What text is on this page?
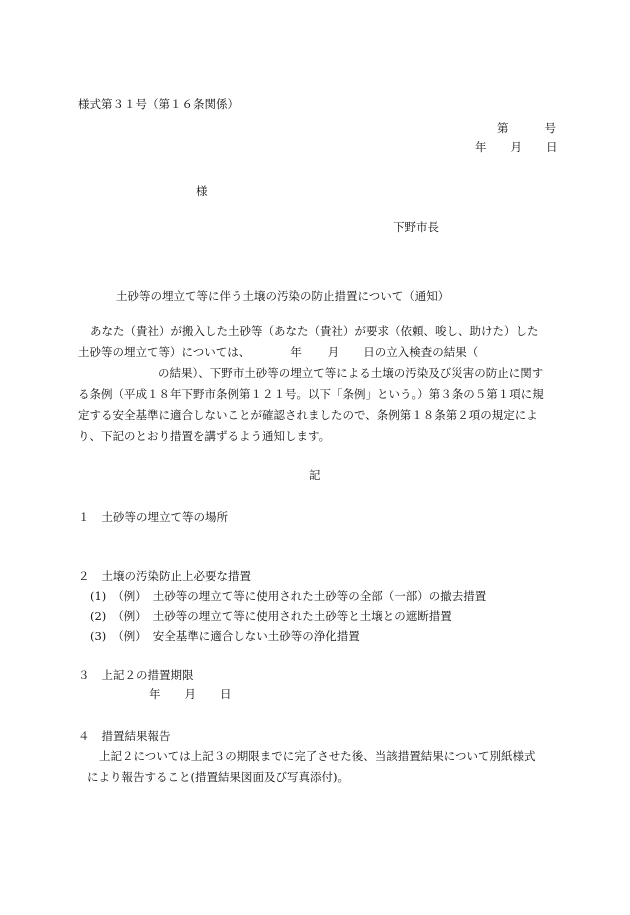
様式第３１号（第１６条関係）
第	号
年 月 日
様
下野市長
土砂等の埋立て等に伴う土壌の汚染の防止措置について（通知）
あなた（貴社）が搬入した土砂等（あなた（貴社）が要求（依頼、唆し、助けた）した
土砂等の埋立て等）については、	年 月 日の立入検査の結果（
の結果）、下野市土砂等の埋立て等による土壌の汚染及び災害の防止に関す
る条例（平成１８年下野市条例第１２１号。以下「条例」という。）第３条の５第１項に規
定する安全基準に適合しないことが確認されましたので、条例第１８条第２項の規定によ
り、下記のとおり措置を講ずるよう通知します。
記
１ 土砂等の埋立て等の場所
２ 土壌の汚染防止上必要な措置
(1) （例） 土砂等の埋立て等に使用された土砂等の全部（一部）の撤去措置
(2) （例） 土砂等の埋立て等に使用された土砂等と土壌との遮断措置
(3) （例） 安全基準に適合しない土砂等の浄化措置
３ 上記２の措置期限
年 月 日
４ 措置結果報告
上記２については上記３の期限までに完了させた後、当該措置結果について別紙様式
により報告すること(措置結果図面及び写真添付)。
